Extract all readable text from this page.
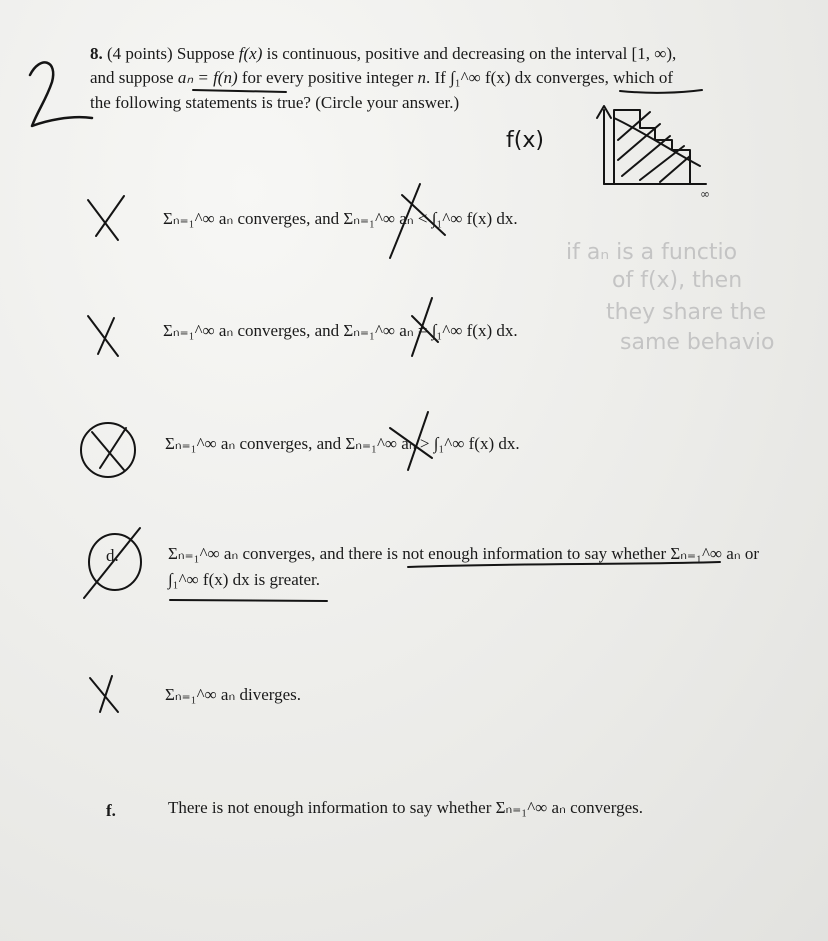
∞
f(x)
8. (4 points) Suppose f(x) is continuous, positive and decreasing on the interval [1, ∞),
and suppose aₙ = f(n) for every positive integer n. If ∫₁^∞ f(x) dx converges, which of
the following statements is true? (Circle your answer.)
Σₙ₌₁^∞ aₙ converges, and Σₙ₌₁^∞ aₙ < ∫₁^∞ f(x) dx.
Σₙ₌₁^∞ aₙ converges, and Σₙ₌₁^∞ aₙ = ∫₁^∞ f(x) dx.
Σₙ₌₁^∞ aₙ converges, and Σₙ₌₁^∞ aₙ > ∫₁^∞ f(x) dx.
d.	Σₙ₌₁^∞ aₙ converges, and there is not enough information to say whether Σₙ₌₁^∞ aₙ or
∫₁^∞ f(x) dx is greater.
Σₙ₌₁^∞ aₙ diverges.
f.	There is not enough information to say whether Σₙ₌₁^∞ aₙ converges.
if aₙ is a functio
of f(x), then
they share the
same behavio
